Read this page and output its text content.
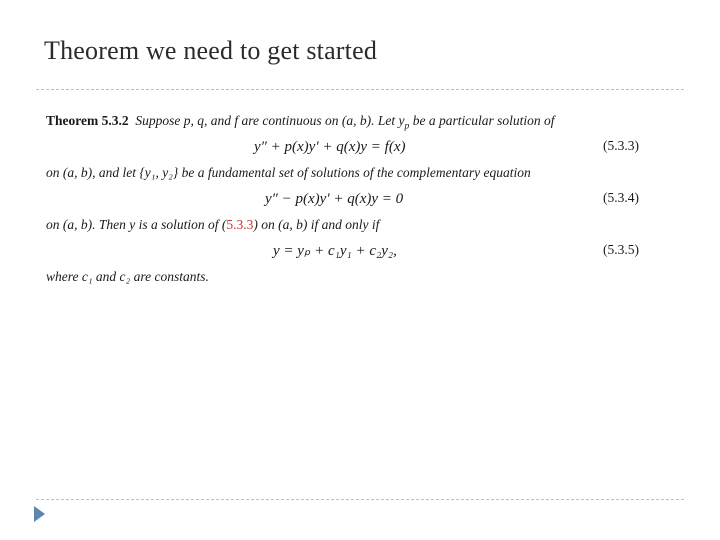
Theorem we need to get started
Theorem 5.3.2 Suppose p, q, and f are continuous on (a, b). Let $y_p$ be a particular solution of
y″ + p(x)y′ + q(x)y = f(x)	(5.3.3)
on (a, b), and let {y₁, y₂} be a fundamental set of solutions of the complementary equation
y″ − p(x)y′ + q(x)y = 0	(5.3.4)
on (a, b). Then y is a solution of (5.3.3) on (a, b) if and only if
y = yₚ + c₁y₁ + c₂y₂,	(5.3.5)
where c₁ and c₂ are constants.
